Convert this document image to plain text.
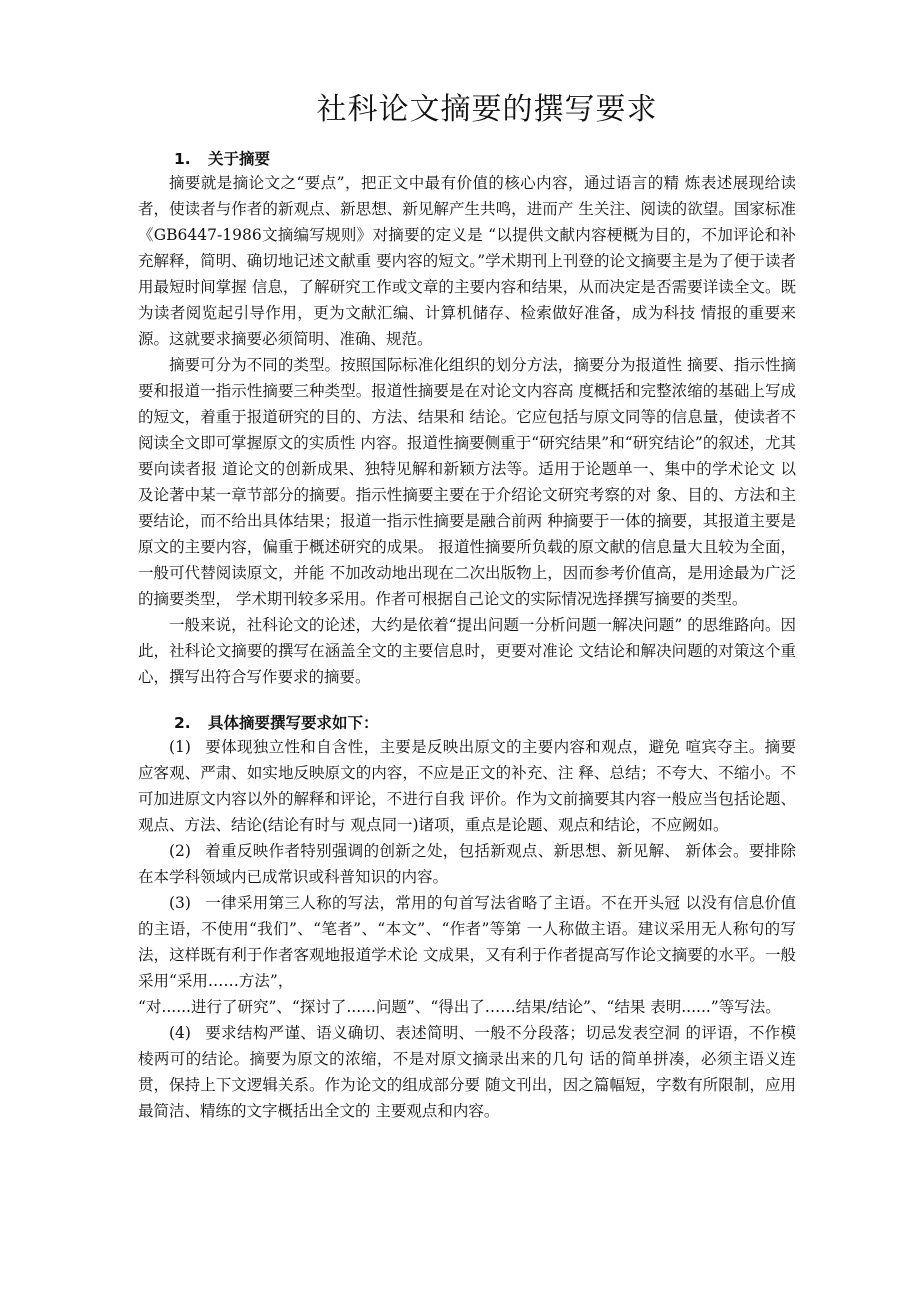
社科论文摘要的撰写要求
1. 关于摘要

摘要就是摘论文之“要点”，把正文中最有价值的核心内容，通过语言的精 炼表述展现给读者，使读者与作者的新观点、新思想、新见解产生共鸣，进而产 生关注、阅读的欲望。国家标准《GB6447-1986文摘编写规则》对摘要的定义是 “以提供文献内容梗概为目的，不加评论和补充解释，简明、确切地记述文献重 要内容的短文。”学术期刊上刊登的论文摘要主是为了便于读者用最短时间掌握 信息，了解研究工作或文章的主要内容和结果，从而决定是否需要详读全文。既 为读者阅览起引导作用，更为文献汇编、计算机储存、检索做好准备，成为科技 情报的重要来源。这就要求摘要必须简明、准确、规范。

摘要可分为不同的类型。按照国际标准化组织的划分方法，摘要分为报道性 摘要、指示性摘要和报道一指示性摘要三种类型。报道性摘要是在对论文内容高 度概括和完整浓缩的基础上写成的短文，着重于报道研究的目的、方法、结果和 结论。它应包括与原文同等的信息量，使读者不阅读全文即可掌握原文的实质性 内容。报道性摘要侧重于“研究结果”和“研究结论”的叙述，尤其要向读者报 道论文的创新成果、独特见解和新颖方法等。适用于论题单一、集中的学术论文 以及论著中某一章节部分的摘要。指示性摘要主要在于介绍论文研究考察的对 象、目的、方法和主要结论，而不给出具体结果；报道一指示性摘要是融合前两 种摘要于一体的摘要，其报道主要是原文的主要内容，偏重于概述研究的成果。 报道性摘要所负载的原文献的信息量大且较为全面，一般可代替阅读原文，并能 不加改动地出现在二次出版物上，因而参考价值高，是用途最为广泛的摘要类型， 学术期刊较多采用。作者可根据自己论文的实际情况选择撰写摘要的类型。

一般来说，社科论文的论述，大约是依着“提出问题一分析问题一解决问题” 的思维路向。因此，社科论文摘要的撰写在涵盖全文的主要信息时，更要对准论 文结论和解决问题的对策这个重心，撰写出符合写作要求的摘要。

2. 具体摘要撰写要求如下：

(1) 要体现独立性和自含性，主要是反映出原文的主要内容和观点，避免 喧宾夺主。摘要应客观、严肃、如实地反映原文的内容，不应是正文的补充、注 释、总结；不夸大、不缩小。不可加进原文内容以外的解释和评论，不进行自我 评价。作为文前摘要其内容一般应当包括论题、观点、方法、结论(结论有时与 观点同一)诸项，重点是论题、观点和结论，不应阙如。

(2) 着重反映作者特别强调的创新之处，包括新观点、新思想、新见解、 新体会。要排除在本学科领域内已成常识或科普知识的内容。

(3) 一律采用第三人称的写法，常用的句首写法省略了主语。不在开头冠 以没有信息价值的主语，不使用“我们”、“笔者”、“本文”、“作者”等第 一人称做主语。建议采用无人称句的写法，这样既有利于作者客观地报道学术论 文成果，又有利于作者提高写作论文摘要的水平。一般采用“采用……方法”，

“对......进行了研究”、“探讨了......问题”、“得出了……结果/结论”、“结果 表明......”等写法。

(4) 要求结构严谨、语义确切、表述简明、一般不分段落；切忌发表空洞 的评语，不作模棱两可的结论。摘要为原文的浓缩，不是对原文摘录出来的几句 话的简单拼凑，必须主语义连贯，保持上下文逻辑关系。作为论文的组成部分要 随文刊出，因之篇幅短，字数有所限制，应用最简洁、精练的文字概括出全文的 主要观点和内容。
